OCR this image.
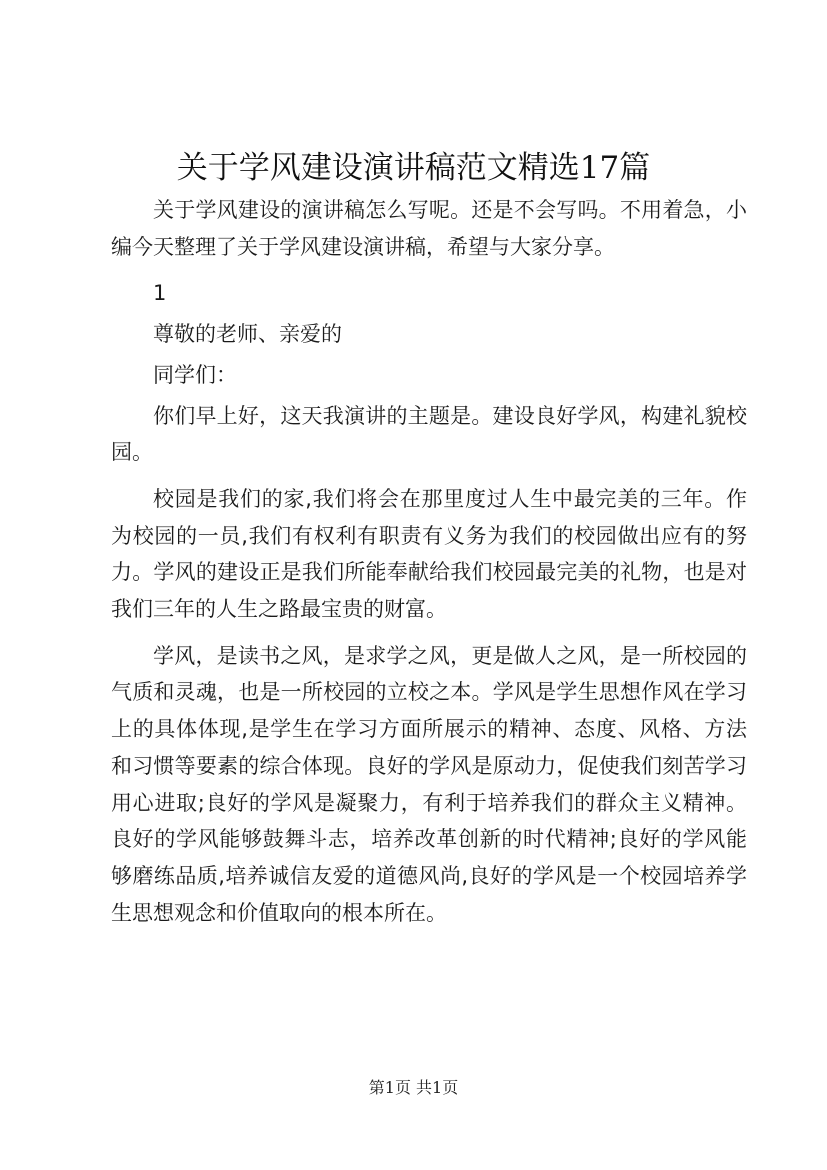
关于学风建设演讲稿范文精选17篇

关于学风建设的演讲稿怎么写呢。还是不会写吗。不用着急，小编今天整理了关于学风建设演讲稿，希望与大家分享。

1

尊敬的老师、亲爱的

同学们：

你们早上好，这天我演讲的主题是。建设良好学风，构建礼貌校园。

校园是我们的家,我们将会在那里度过人生中最完美的三年。作为校园的一员,我们有权利有职责有义务为我们的校园做出应有的努力。学风的建设正是我们所能奉献给我们校园最完美的礼物，也是对我们三年的人生之路最宝贵的财富。

学风，是读书之风，是求学之风，更是做人之风，是一所校园的气质和灵魂，也是一所校园的立校之本。学风是学生思想作风在学习上的具体体现,是学生在学习方面所展示的精神、态度、风格、方法和习惯等要素的综合体现。良好的学风是原动力，促使我们刻苦学习用心进取;良好的学风是凝聚力，有利于培养我们的群众主义精神。良好的学风能够鼓舞斗志，培养改革创新的时代精神;良好的学风能够磨练品质,培养诚信友爱的道德风尚,良好的学风是一个校园培养学生思想观念和价值取向的根本所在。

第1页 共1页
